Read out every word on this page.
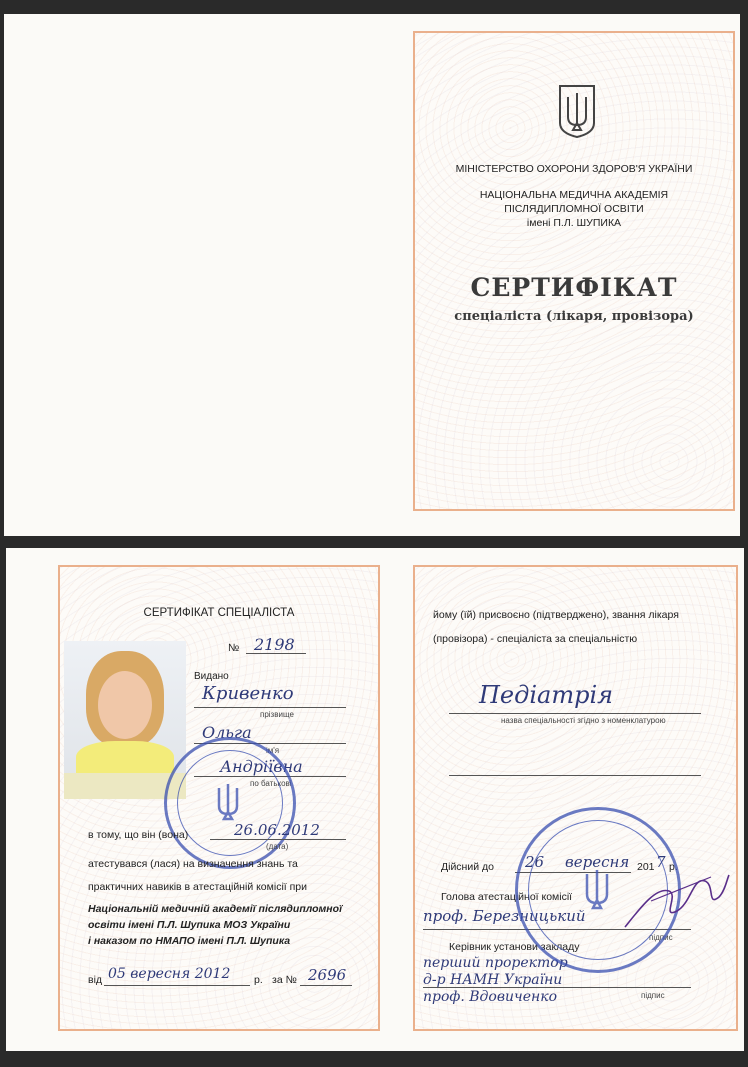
МІНІСТЕРСТВО ОХОРОНИ ЗДОРОВ'Я УКРАЇНИ
НАЦІОНАЛЬНА МЕДИЧНА АКАДЕМІЯ
ПІСЛЯДИПЛОМНОЇ ОСВІТИ
імені П.Л. ШУПИКА
СЕРТИФІКАТ
спеціаліста (лікаря, провізора)
СЕРТИФІКАТ СПЕЦІАЛІСТА
№ 2198
Видано
Кривенко
прізвище
Ольга
ім'я
Андріївна
по батькові
в тому, що він (вона)	26.06.2012
(дата)
атестувався (лася) на визначення знань та
практичних навиків в атестаційній комісії при
Національній медичній академії післядипломної
освіти імені П.Л. Шупика МОЗ України
і наказом по НМАПО імені П.Л. Шупика
від 05 вересня 2012 р. за № 2696
йому (їй) присвоєно (підтверджено), звання лікаря
(провізора) - спеціаліста за спеціальністю
Педіатрія
назва спеціальності згідно з номенклатурою
Дійсний до 26 вересня 201 7 р.
Голова атестаційної комісії
проф. Березницький
підпис
Керівник установи закладу
перший проректор
д-р НАМН України
проф. Вдовиченко	підпис
